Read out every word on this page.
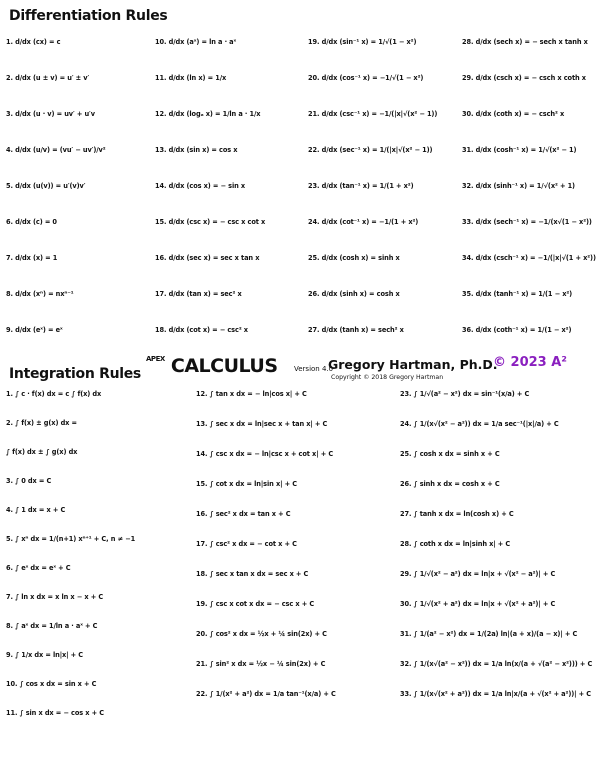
Differentiation Rules
1. d/dx (cx) = c
2. d/dx (u ± v) = u′ ± v′
3. d/dx (u · v) = uv′ + u′v
4. d/dx (u/v) = (vu′ − uv′)/v²
5. d/dx (u(v)) = u′(v)v′
6. d/dx (c) = 0
7. d/dx (x) = 1
8. d/dx (xⁿ) = nxⁿ⁻¹
9. d/dx (eˣ) = eˣ
10. d/dx (aˣ) = ln a · aˣ
11. d/dx (ln x) = 1/x
12. d/dx (logₐ x) = 1/ln a · 1/x
13. d/dx (sin x) = cos x
14. d/dx (cos x) = − sin x
15. d/dx (csc x) = − csc x cot x
16. d/dx (sec x) = sec x tan x
17. d/dx (tan x) = sec² x
18. d/dx (cot x) = − csc² x
19. d/dx (sin⁻¹ x) = 1/√(1 − x²)
20. d/dx (cos⁻¹ x) = −1/√(1 − x²)
21. d/dx (csc⁻¹ x) = −1/(|x|√(x² − 1))
22. d/dx (sec⁻¹ x) = 1/(|x|√(x² − 1))
23. d/dx (tan⁻¹ x) = 1/(1 + x²)
24. d/dx (cot⁻¹ x) = −1/(1 + x²)
25. d/dx (cosh x) = sinh x
26. d/dx (sinh x) = cosh x
27. d/dx (tanh x) = sech² x
28. d/dx (sech x) = − sech x tanh x
29. d/dx (csch x) = − csch x coth x
30. d/dx (coth x) = − csch² x
31. d/dx (cosh⁻¹ x) = 1/√(x² − 1)
32. d/dx (sinh⁻¹ x) = 1/√(x² + 1)
33. d/dx (sech⁻¹ x) = −1/(x√(1 − x²))
34. d/dx (csch⁻¹ x) = −1/(|x|√(1 + x²))
35. d/dx (tanh⁻¹ x) = 1/(1 − x²)
36. d/dx (coth⁻¹ x) = 1/(1 − x²)
Integration Rules
$^{APEX}$ CALCULUS Version 4.0
Gregory Hartman, Ph.D.
Copyright © 2018 Gregory Hartman
© 2023 A²
1. ∫ c · f(x) dx = c ∫ f(x) dx
2. ∫ f(x) ± g(x) dx =
∫ f(x) dx ± ∫ g(x) dx
3. ∫ 0 dx = C
4. ∫ 1 dx = x + C
5. ∫ xⁿ dx = 1/(n+1) xⁿ⁺¹ + C, n ≠ −1
6. ∫ eˣ dx = eˣ + C
7. ∫ ln x dx = x ln x − x + C
8. ∫ aˣ dx = 1/ln a · aˣ + C
9. ∫ 1/x dx = ln|x| + C
10. ∫ cos x dx = sin x + C
11. ∫ sin x dx = − cos x + C
12. ∫ tan x dx = − ln|cos x| + C
13. ∫ sec x dx = ln|sec x + tan x| + C
14. ∫ csc x dx = − ln|csc x + cot x| + C
15. ∫ cot x dx = ln|sin x| + C
16. ∫ sec² x dx = tan x + C
17. ∫ csc² x dx = − cot x + C
18. ∫ sec x tan x dx = sec x + C
19. ∫ csc x cot x dx = − csc x + C
20. ∫ cos² x dx = ½x + ¼ sin(2x) + C
21. ∫ sin² x dx = ½x − ¼ sin(2x) + C
22. ∫ 1/(x² + a²) dx = 1/a tan⁻¹(x/a) + C
23. ∫ 1/√(a² − x²) dx = sin⁻¹(x/a) + C
24. ∫ 1/(x√(x² − a²)) dx = 1/a sec⁻¹(|x|/a) + C
25. ∫ cosh x dx = sinh x + C
26. ∫ sinh x dx = cosh x + C
27. ∫ tanh x dx = ln(cosh x) + C
28. ∫ coth x dx = ln|sinh x| + C
29. ∫ 1/√(x² − a²) dx = ln|x + √(x² − a²)| + C
30. ∫ 1/√(x² + a²) dx = ln|x + √(x² + a²)| + C
31. ∫ 1/(a² − x²) dx = 1/(2a) ln|(a + x)/(a − x)| + C
32. ∫ 1/(x√(a² − x²)) dx = 1/a ln(x/(a + √(a² − x²))) + C
33. ∫ 1/(x√(x² + a²)) dx = 1/a ln|x/(a + √(x² + a²))| + C
